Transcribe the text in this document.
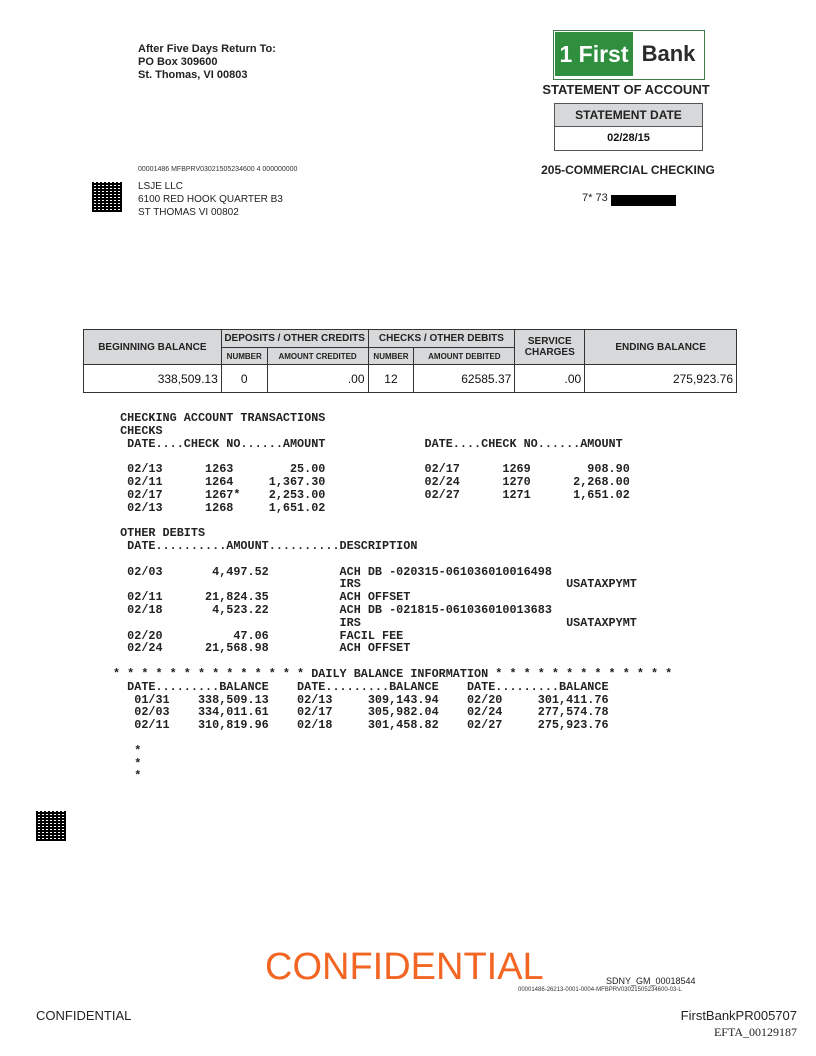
After Five Days Return To:
PO Box 309600
St. Thomas, VI 00803
1 First Bank
STATEMENT OF ACCOUNT
STATEMENT DATE
02/28/15
205-COMMERCIAL CHECKING
7* 73
00001486 MFBPRV03021505234600 4 000000000
LSJE LLC
6100 RED HOOK QUARTER B3
ST THOMAS VI 00802
BEGINNING BALANCE	DEPOSITS / OTHER CREDITS		CHECKS / OTHER DEBITS		SERVICE CHARGES	ENDING BALANCE
	NUMBER	AMOUNT CREDITED	NUMBER	AMOUNT DEBITED		
338,509.13	0	.00	12	62585.37	.00	275,923.76
CHECKING ACCOUNT TRANSACTIONS
CHECKS
DATE....CHECK NO......AMOUNT              DATE....CHECK NO......AMOUNT

02/13      1263        25.00              02/17      1269        908.90
02/11      1264     1,367.30              02/24      1270      2,268.00
02/17      1267*    2,253.00              02/27      1271      1,651.02
02/13      1268     1,651.02

OTHER DEBITS
DATE..........AMOUNT..........DESCRIPTION

02/03       4,497.52          ACH DB -020315-061036010016498
IRS                             USATAXPYMT
02/11      21,824.35          ACH OFFSET
02/18       4,523.22          ACH DB -021815-061036010013683
IRS                             USATAXPYMT
02/20          47.06          FACIL FEE
02/24      21,568.98          ACH OFFSET

* * * * * * * * * * * * * * DAILY BALANCE INFORMATION * * * * * * * * * * * * *
DATE.........BALANCE    DATE.........BALANCE    DATE.........BALANCE
01/31    338,509.13    02/13     309,143.94    02/20     301,411.76
02/03    334,011.61    02/17     305,982.04    02/24     277,574.78
02/11    310,819.96    02/18     301,458.82    02/27     275,923.76

*
*
*
CONFIDENTIAL	SDNY_GM_00018544
00001486-26213-0001-0004-MFBPRV03021505234600-03-L
CONFIDENTIAL	FirstBankPR005707
EFTA_00129187
